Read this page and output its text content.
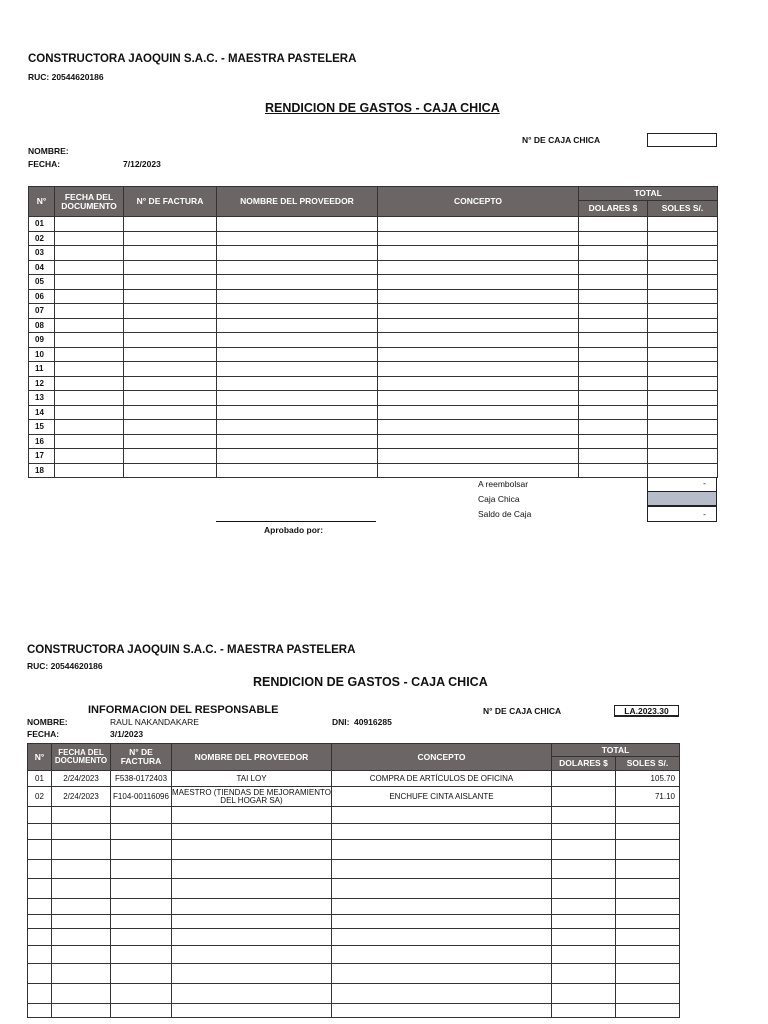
CONSTRUCTORA JAOQUIN S.A.C. - MAESTRA PASTELERA
RUC: 20544620186
RENDICION DE GASTOS - CAJA CHICA
N° DE CAJA CHICA
NOMBRE:
FECHA:	7/12/2023
N°	FECHA DEL DOCUMENTO	N° DE FACTURA	NOMBRE DEL PROVEEDOR	CONCEPTO	TOTAL	
					DOLARES $	SOLES S/.
01						
02						
03						
04						
05						
06						
07						
08						
09						
10						
11						
12						
13						
14						
15						
16						
17						
18						
A reembolsar	-
Caja Chica
Saldo de Caja	-
Aprobado por:
CONSTRUCTORA JAOQUIN S.A.C. - MAESTRA PASTELERA
RUC: 20544620186
RENDICION DE GASTOS - CAJA CHICA
INFORMACION DEL RESPONSABLE	N° DE CAJA CHICA	LA.2023.30
NOMBRE:	RAUL NAKANDAKARE	DNI: 40916285
FECHA:	3/1/2023
N°	FECHA DEL DOCUMENTO	N° DE FACTURA	NOMBRE DEL PROVEEDOR	CONCEPTO	TOTAL	
					DOLARES $	SOLES S/.
01	2/24/2023	F538-0172403	TAI LOY	COMPRA DE ARTÍCULOS DE OFICINA		105.70
02	2/24/2023	F104-00116096	MAESTRO (TIENDAS DE MEJORAMIENTO DEL HOGAR SA)	ENCHUFE CINTA AISLANTE		71.10
